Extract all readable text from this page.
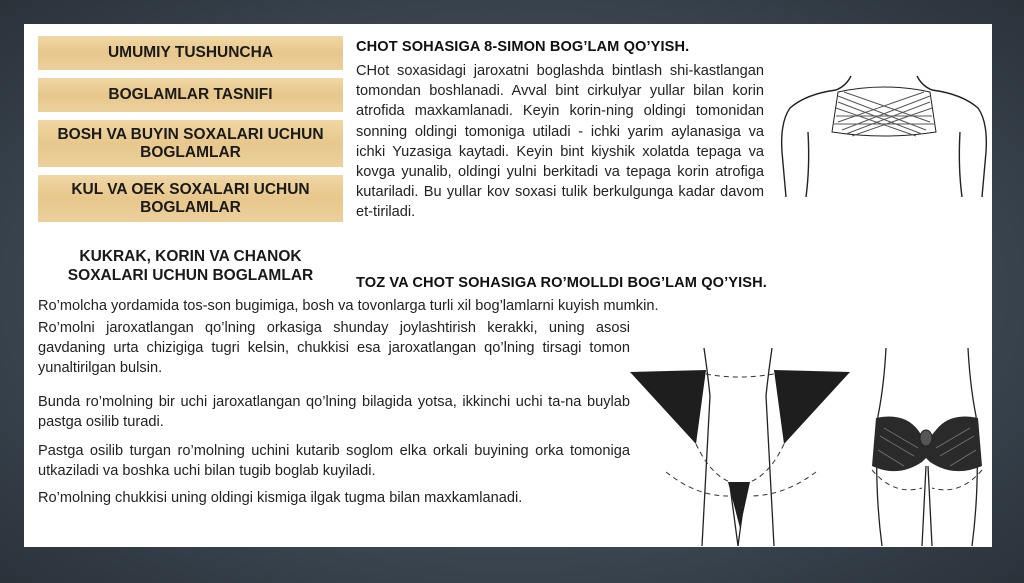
UMUMIY TUSHUNCHA
BOGLAMLAR TASNIFI
BOSH VA BUYIN SOXALARI UCHUN BOGLAMLAR
KUL VA OEK SOXALARI UCHUN BOGLAMLAR
KUKRAK, KORIN VA CHANOK SOXALARI UCHUN BOGLAMLAR
CHOT SOHASIGA 8-SIMON BOG’LAM QO’YISH.
CHot soxasidagi jaroxatni boglashda bintlash shi-kastlangan tomondan boshlanadi. Avval bint cirkulyar yullar bilan korin atrofida maxkamlanadi. Keyin korin-ning oldingi tomonidan sonning oldingi tomoniga utiladi - ichki yarim aylanasiga va ichki Yuzasiga kaytadi. Keyin bint kiyshik xolatda tepaga va kovga yunalib, oldingi yulni berkitadi va tepaga korin atrofiga kutariladi. Bu yullar kov soxasi tulik berkulgunga kadar davom et-tiriladi.
TOZ VA CHOT SOHASIGA RO’MOLLDI BOG’LAM QO’YISH.
Ro’molcha yordamida tos-son bugimiga, bosh va tovonlarga turli xil bog’lamlarni kuyish mumkin.
Ro’molni jaroxatlangan qo’lning orkasiga shunday joylashtirish kerakki, uning asosi gavdaning urta chizigiga tugri kelsin, chukkisi esa jaroxatlangan qo’lning tirsagi tomon yunaltirilgan bulsin.
Bunda ro’molning bir uchi jaroxatlangan qo’lning bilagida yotsa, ikkinchi uchi ta-na buylab pastga osilib turadi.
Pastga osilib turgan ro’molning uchini kutarib soglom elka orkali buyining orka tomoniga utkaziladi va boshka uchi bilan tugib boglab kuyiladi.
Ro’molning chukkisi uning oldingi kismiga ilgak tugma bilan maxkamlanadi.
